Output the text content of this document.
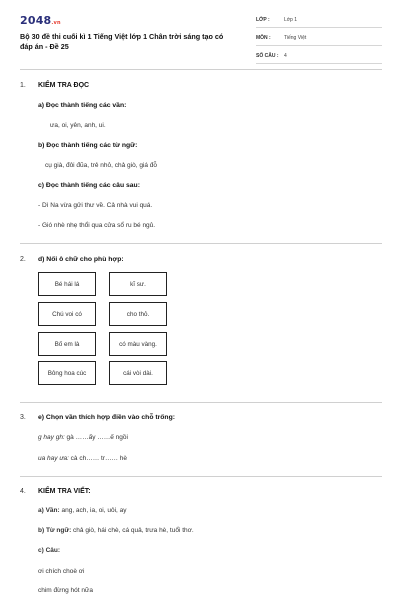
2048.vn
Bộ 30 đề thi cuối kì 1 Tiếng Việt lớp 1 Chân trời sáng tạo có đáp án - Đề 25
LỚP :	Lớp 1
MÔN :	Tiếng Việt
SỐ CÂU : 4
1. KIỂM TRA ĐỌC
a) Đọc thành tiếng các vần:
ưa, oi, yên, anh, ui.
b) Đọc thành tiếng các từ ngữ:
cụ già, đôi đũa, trẻ nhỏ, chả giò, giá đỗ
c) Đọc thành tiếng các câu sau:
- Dì Na vừa gửi thư về. Cả nhà vui quá.
- Gió nhè nhẹ thổi qua cửa sổ ru bé ngủ.
2. d) Nối ô chữ cho phù hợp:
Bé hái lá
Chú voi có
Bố em là
Bông hoa cúc
kĩ sư.
cho thỏ.
có màu vàng.
cái vòi dài.
3. e) Chọn vần thích hợp điền vào chỗ trống:
g hay gh: gà ……ấy ……ế ngồi
ua hay ưa: cà ch…… tr…… hè
4. KIỂM TRA VIẾT:
a) Vần: ang, ach, ia, oi, uôi, ay
b) Từ ngữ: chả giò, hái chè, cá quả, trưa hè, tuổi thơ.
c) Câu:
ơi chích choè ơi
chim đừng hót nữa
